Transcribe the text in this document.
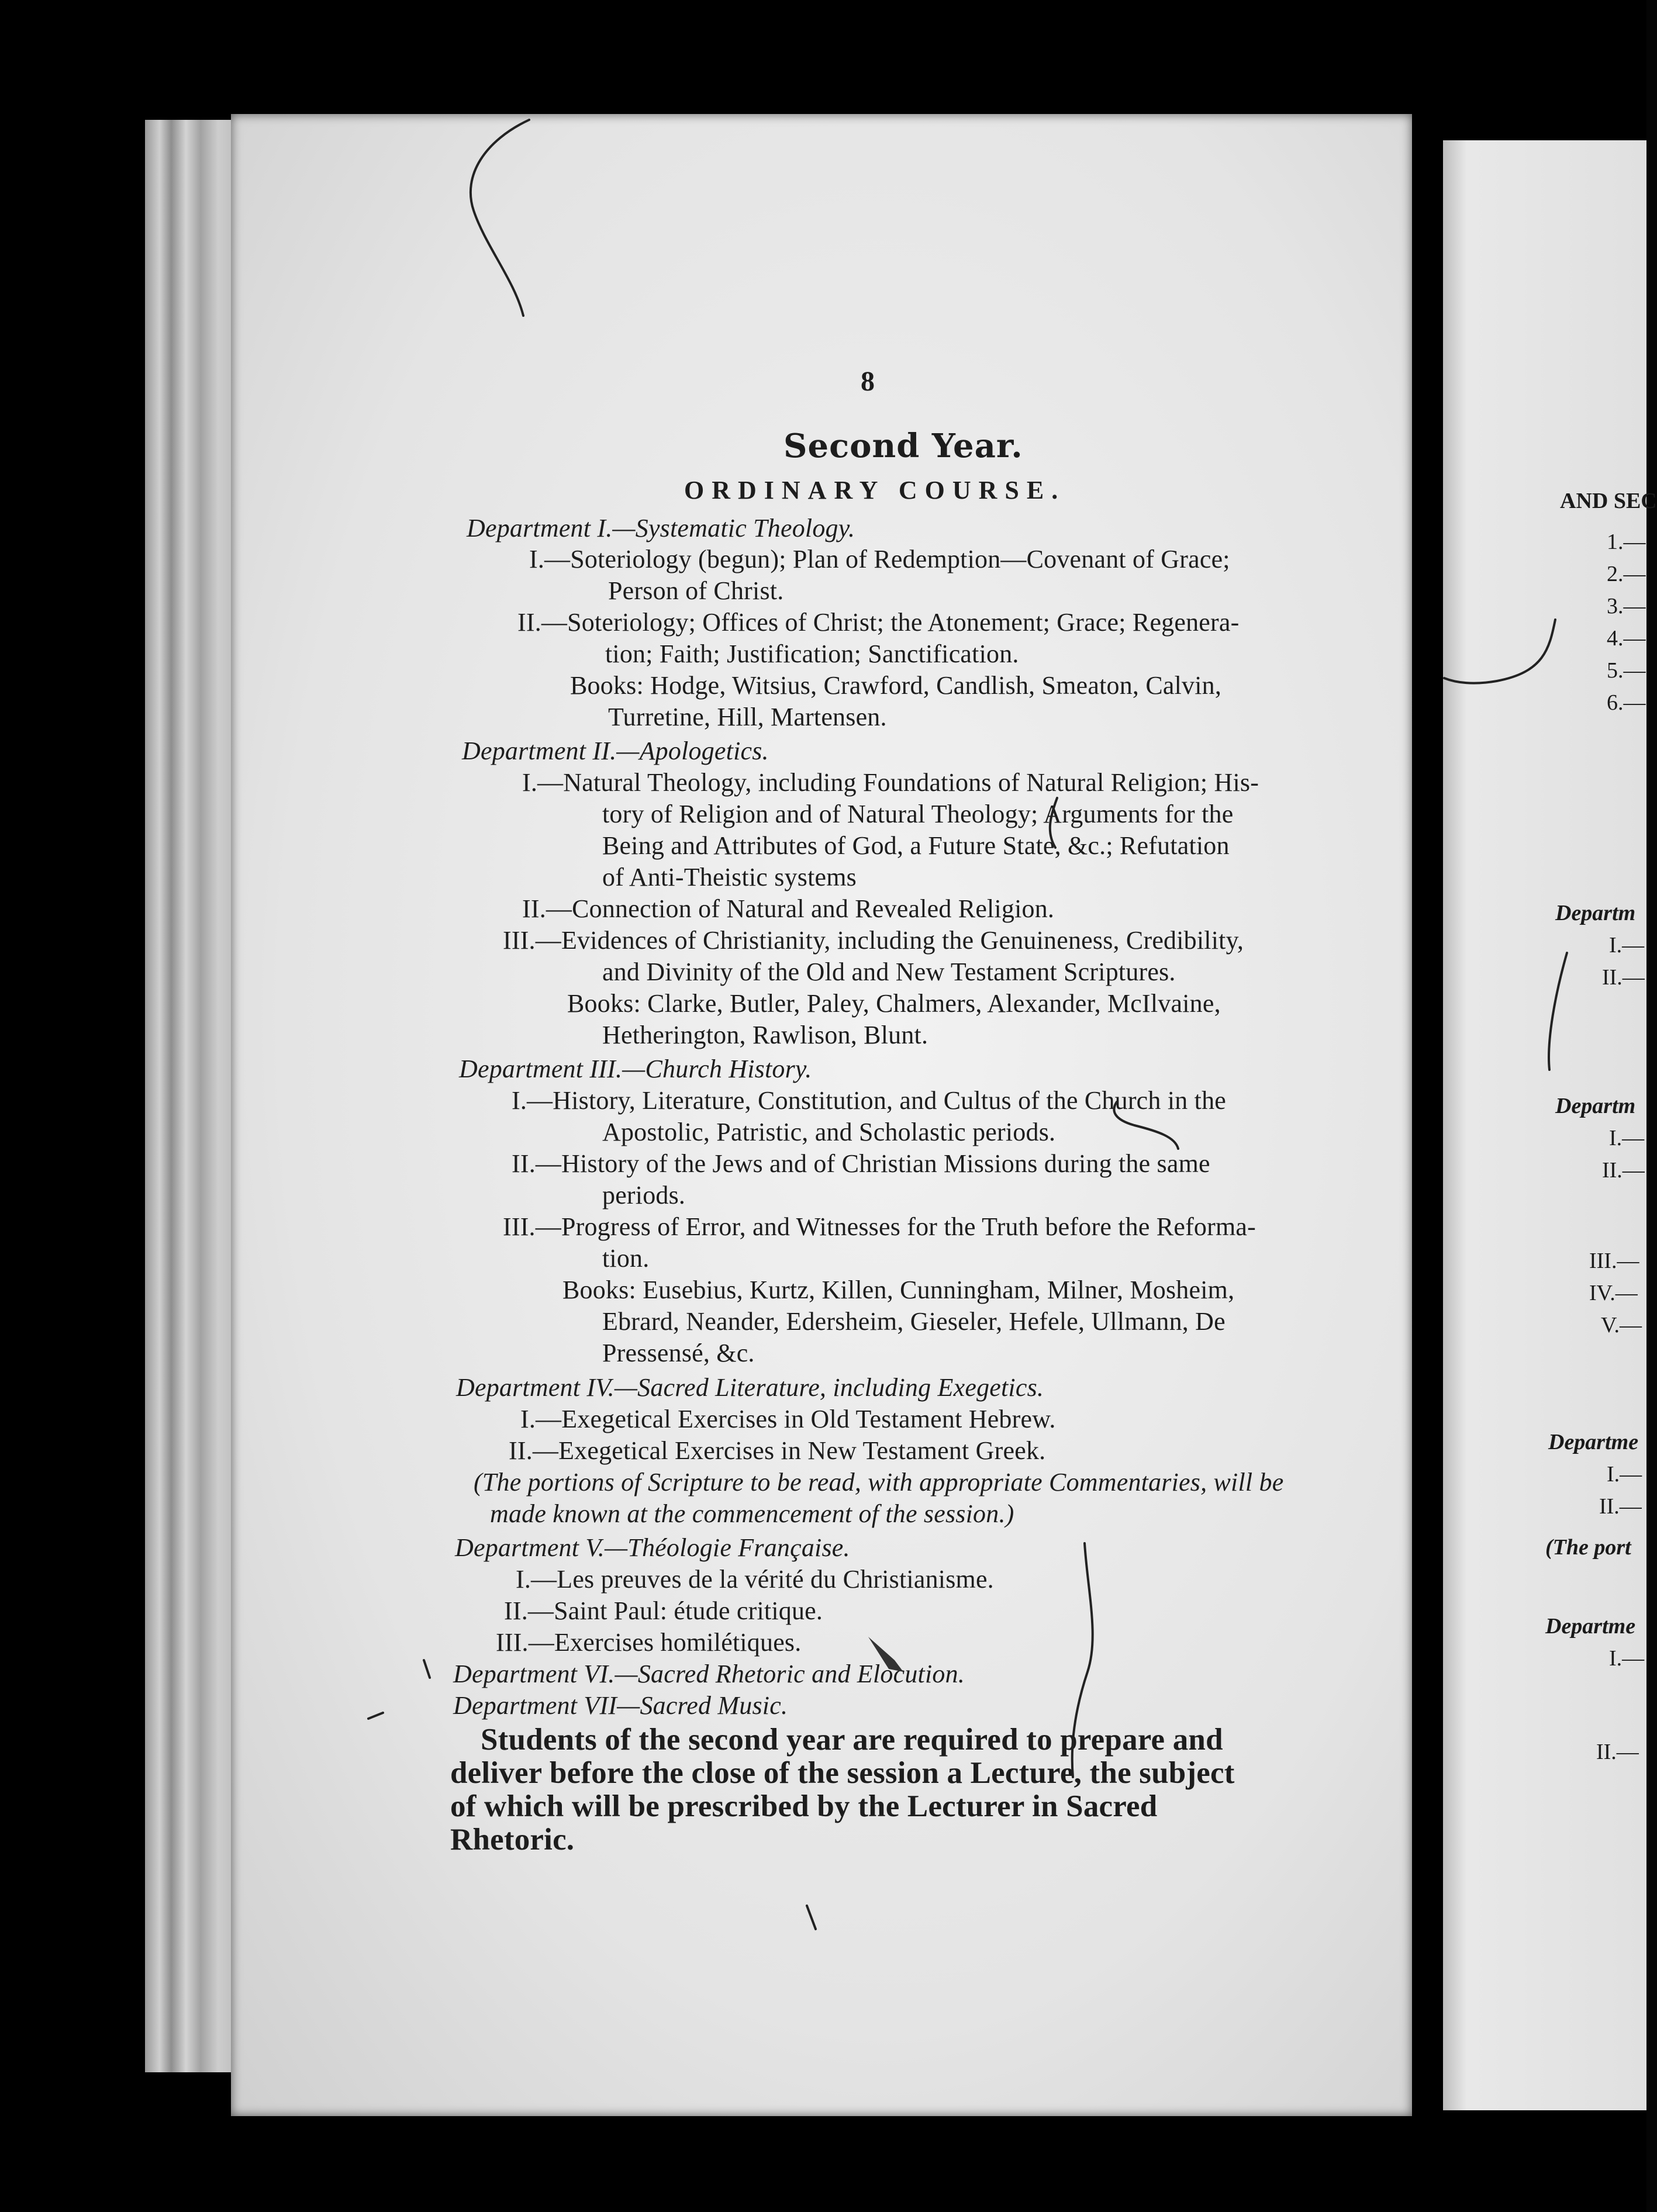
8
Second Year.
ORDINARY COURSE.
Department I.—Systematic Theology.
I.—Soteriology (begun); Plan of Redemption—Covenant of Grace;
Person of Christ.
II.—Soteriology; Offices of Christ; the Atonement; Grace; Regenera-
tion; Faith; Justification; Sanctification.
Books: Hodge, Witsius, Crawford, Candlish, Smeaton, Calvin,
Turretine, Hill, Martensen.
Department II.—Apologetics.
I.—Natural Theology, including Foundations of Natural Religion; His-
tory of Religion and of Natural Theology; Arguments for the
Being and Attributes of God, a Future State, &c.; Refutation
of Anti-Theistic systems
II.—Connection of Natural and Revealed Religion.
III.—Evidences of Christianity, including the Genuineness, Credibility,
and Divinity of the Old and New Testament Scriptures.
Books: Clarke, Butler, Paley, Chalmers, Alexander, McIlvaine,
Hetherington, Rawlison, Blunt.
Department III.—Church History.
I.—History, Literature, Constitution, and Cultus of the Church in the
Apostolic, Patristic, and Scholastic periods.
II.—History of the Jews and of Christian Missions during the same
periods.
III.—Progress of Error, and Witnesses for the Truth before the Reforma-
tion.
Books: Eusebius, Kurtz, Killen, Cunningham, Milner, Mosheim,
Ebrard, Neander, Edersheim, Gieseler, Hefele, Ullmann, De
Pressensé, &c.
Department IV.—Sacred Literature, including Exegetics.
I.—Exegetical Exercises in Old Testament Hebrew.
II.—Exegetical Exercises in New Testament Greek.
(The portions of Scripture to be read, with appropriate Commentaries, will be
made known at the commencement of the session.)
Department V.—Théologie Française.
I.—Les preuves de la vérité du Christianisme.
II.—Saint Paul: étude critique.
III.—Exercises homilétiques.
Department VI.—Sacred Rhetoric and Elocution.
Department VII—Sacred Music.
Students of the second year are required to prepare and
deliver before the close of the session a Lecture, the subject
of which will be prescribed by the Lecturer in Sacred
Rhetoric.
AND SEC
1.—
2.—
3.—
4.—
5.—
6.—
Departm
I.—
II.—
Departm
I.—
II.—
III.—
IV.—
V.—
Departme
I.—
II.—
(The port
Departme
I.—
II.—
